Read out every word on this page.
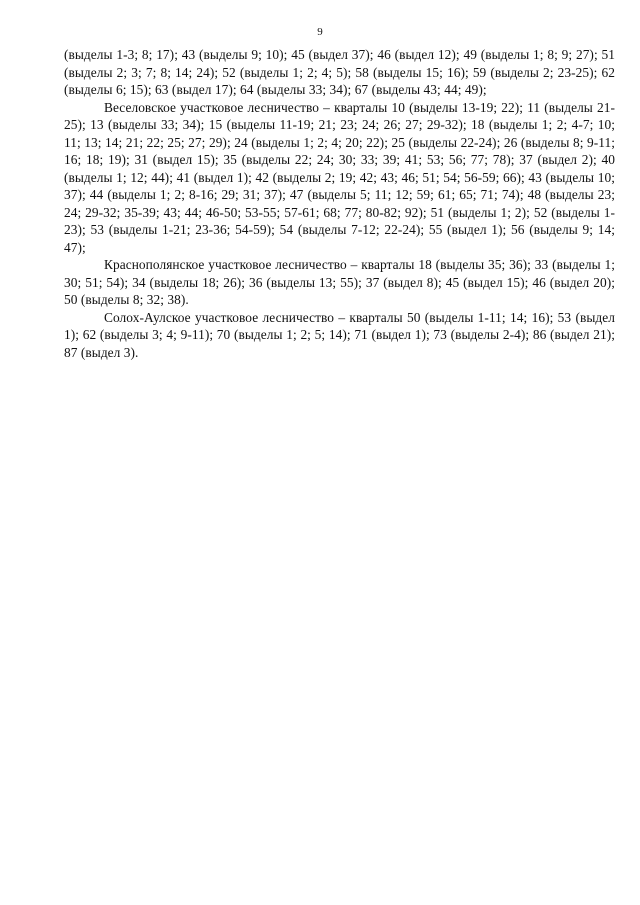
9

(выделы 1-3; 8; 17); 43 (выделы 9; 10); 45 (выдел 37); 46 (выдел 12); 49 (выделы 1; 8; 9; 27); 51 (выделы 2; 3; 7; 8; 14; 24); 52 (выделы 1; 2; 4; 5); 58 (выделы 15; 16); 59 (выделы 2; 23-25); 62 (выделы 6; 15); 63 (выдел 17); 64 (выделы 33; 34); 67 (выделы 43; 44; 49);

Веселовское участковое лесничество – кварталы 10 (выделы 13-19; 22); 11 (выделы 21-25); 13 (выделы 33; 34); 15 (выделы 11-19; 21; 23; 24; 26; 27; 29-32); 18 (выделы 1; 2; 4-7; 10; 11; 13; 14; 21; 22; 25; 27; 29); 24 (выделы 1; 2; 4; 20; 22); 25 (выделы 22-24); 26 (выделы 8; 9-11; 16; 18; 19); 31 (выдел 15); 35 (выделы 22; 24; 30; 33; 39; 41; 53; 56; 77; 78); 37 (выдел 2); 40 (выделы 1; 12; 44); 41 (выдел 1); 42 (выделы 2; 19; 42; 43; 46; 51; 54; 56-59; 66); 43 (выделы 10; 37); 44 (выделы 1; 2; 8-16; 29; 31; 37); 47 (выделы 5; 11; 12; 59; 61; 65; 71; 74); 48 (выделы 23; 24; 29-32; 35-39; 43; 44; 46-50; 53-55; 57-61; 68; 77; 80-82; 92); 51 (выделы 1; 2); 52 (выделы 1-23); 53 (выделы 1-21; 23-36; 54-59); 54 (выделы 7-12; 22-24); 55 (выдел 1); 56 (выделы 9; 14; 47);

Краснополянское участковое лесничество – кварталы 18 (выделы 35; 36); 33 (выделы 1; 30; 51; 54); 34 (выделы 18; 26); 36 (выделы 13; 55); 37 (выдел 8); 45 (выдел 15); 46 (выдел 20); 50 (выделы 8; 32; 38).

Солох-Аулское участковое лесничество – кварталы 50 (выделы 1-11; 14; 16); 53 (выдел 1); 62 (выделы 3; 4; 9-11); 70 (выделы 1; 2; 5; 14); 71 (выдел 1); 73 (выделы 2-4); 86 (выдел 21); 87 (выдел 3).
